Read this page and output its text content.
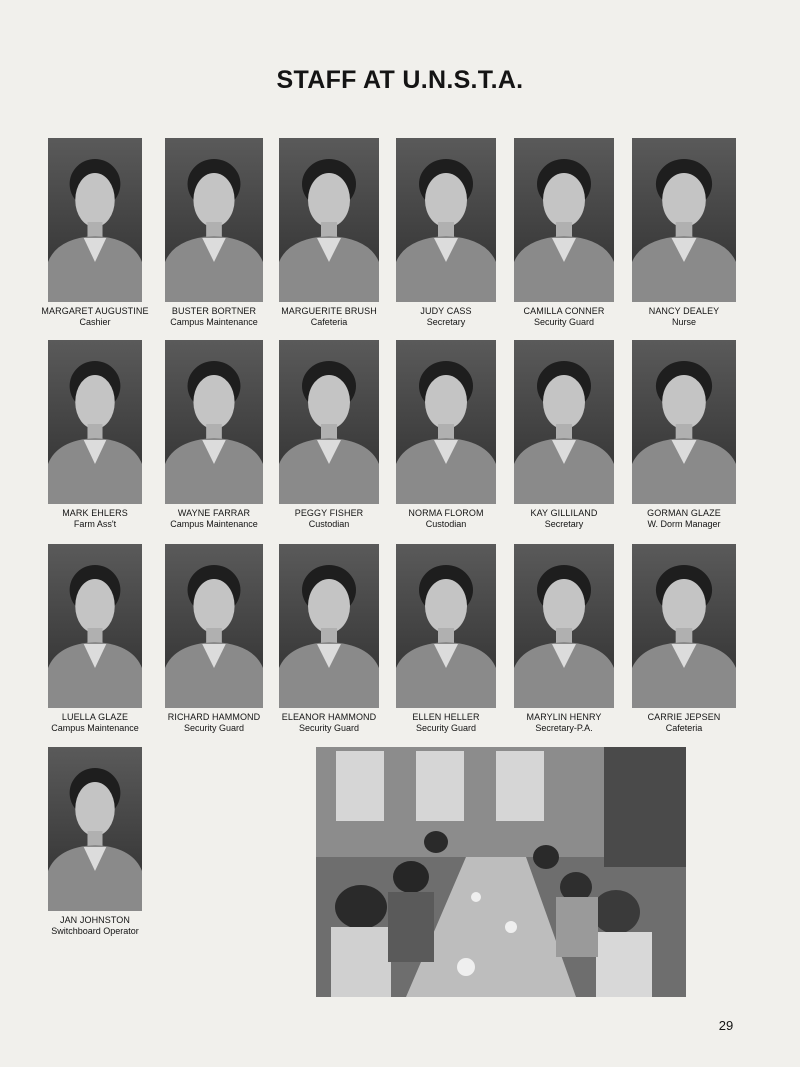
STAFF AT U.N.S.T.A.
MARGARET AUGUSTINE
Cashier
BUSTER BORTNER
Campus Maintenance
MARGUERITE BRUSH
Cafeteria
JUDY CASS
Secretary
CAMILLA CONNER
Security Guard
NANCY DEALEY
Nurse
MARK EHLERS
Farm Ass't
WAYNE FARRAR
Campus Maintenance
PEGGY FISHER
Custodian
NORMA FLOROM
Custodian
KAY GILLILAND
Secretary
GORMAN GLAZE
W. Dorm Manager
LUELLA GLAZE
Campus Maintenance
RICHARD HAMMOND
Security Guard
ELEANOR HAMMOND
Security Guard
ELLEN HELLER
Security Guard
MARYLIN HENRY
Secretary-P.A.
CARRIE JEPSEN
Cafeteria
JAN JOHNSTON
Switchboard Operator
29
